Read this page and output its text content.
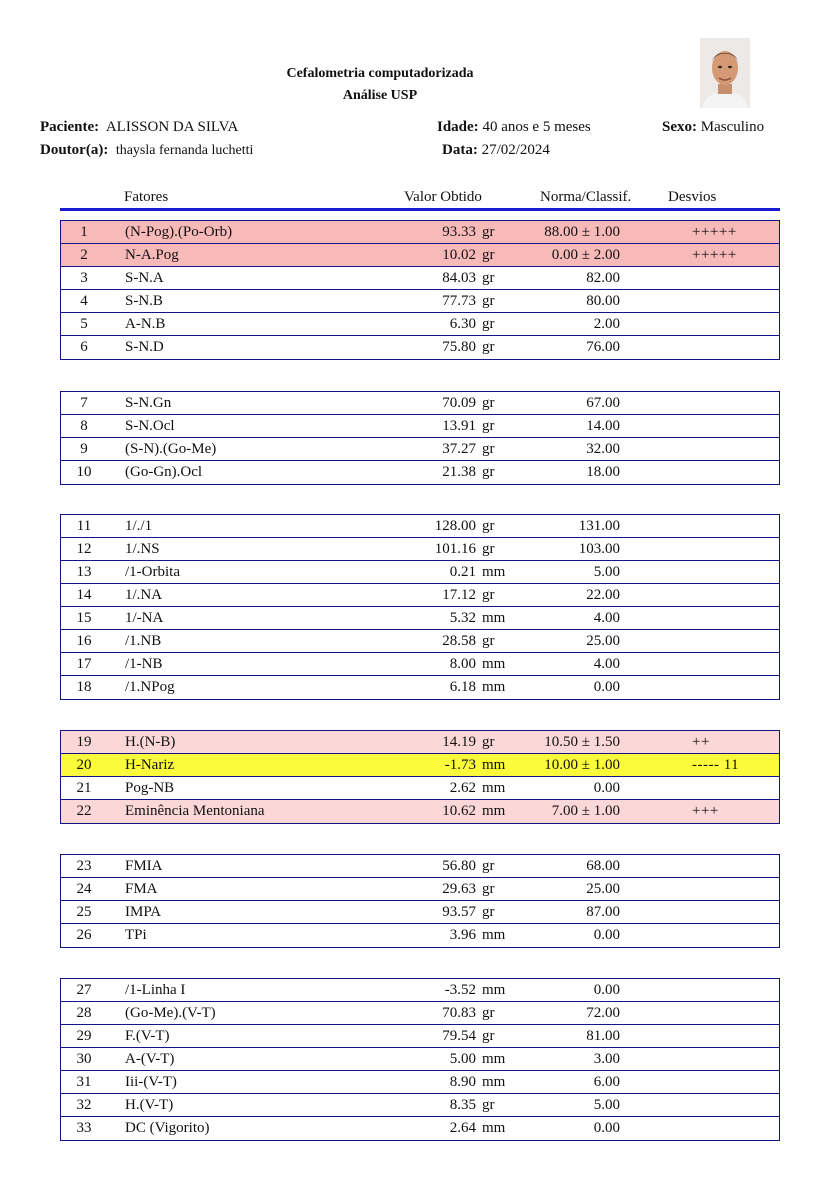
Cefalometria computadorizada
Análise USP
Paciente: ALISSON DA SILVA	Idade: 40 anos e 5 meses	Sexo: Masculino
Doutor(a): thaysla fernanda luchetti	Data: 27/02/2024
Fatores	Valor Obtido	Norma/Classif. Desvios
1	(N-Pog).(Po-Orb)	93.33 gr	88.00 ± 1.00	+++++
2	N-A.Pog	10.02 gr	0.00 ± 2.00	+++++
3	S-N.A	84.03 gr	82.00
4	S-N.B	77.73 gr	80.00
5	A-N.B	6.30 gr	2.00
6	S-N.D	75.80 gr	76.00
7	S-N.Gn	70.09 gr	67.00
8	S-N.Ocl	13.91 gr	14.00
9	(S-N).(Go-Me)	37.27 gr	32.00
10	(Go-Gn).Ocl	21.38 gr	18.00
11	1/./1	128.00 gr	131.00
12	1/.NS	101.16 gr	103.00
13	/1-Orbita	0.21 mm	5.00
14	1/.NA	17.12 gr	22.00
15	1/-NA	5.32 mm	4.00
16	/1.NB	28.58 gr	25.00
17	/1-NB	8.00 mm	4.00
18	/1.NPog	6.18 mm	0.00
19	H.(N-B)	14.19 gr	10.50 ± 1.50	++
20	H-Nariz	-1.73 mm	10.00 ± 1.00	----- 11
21	Pog-NB	2.62 mm	0.00
22	Eminência Mentoniana	10.62 mm	7.00 ± 1.00	+++
23	FMIA	56.80 gr	68.00
24	FMA	29.63 gr	25.00
25	IMPA	93.57 gr	87.00
26	TPi	3.96 mm	0.00
27	/1-Linha I	-3.52 mm	0.00
28	(Go-Me).(V-T)	70.83 gr	72.00
29	F.(V-T)	79.54 gr	81.00
30	A-(V-T)	5.00 mm	3.00
31	Iii-(V-T)	8.90 mm	6.00
32	H.(V-T)	8.35 gr	5.00
33	DC (Vigorito)	2.64 mm	0.00
